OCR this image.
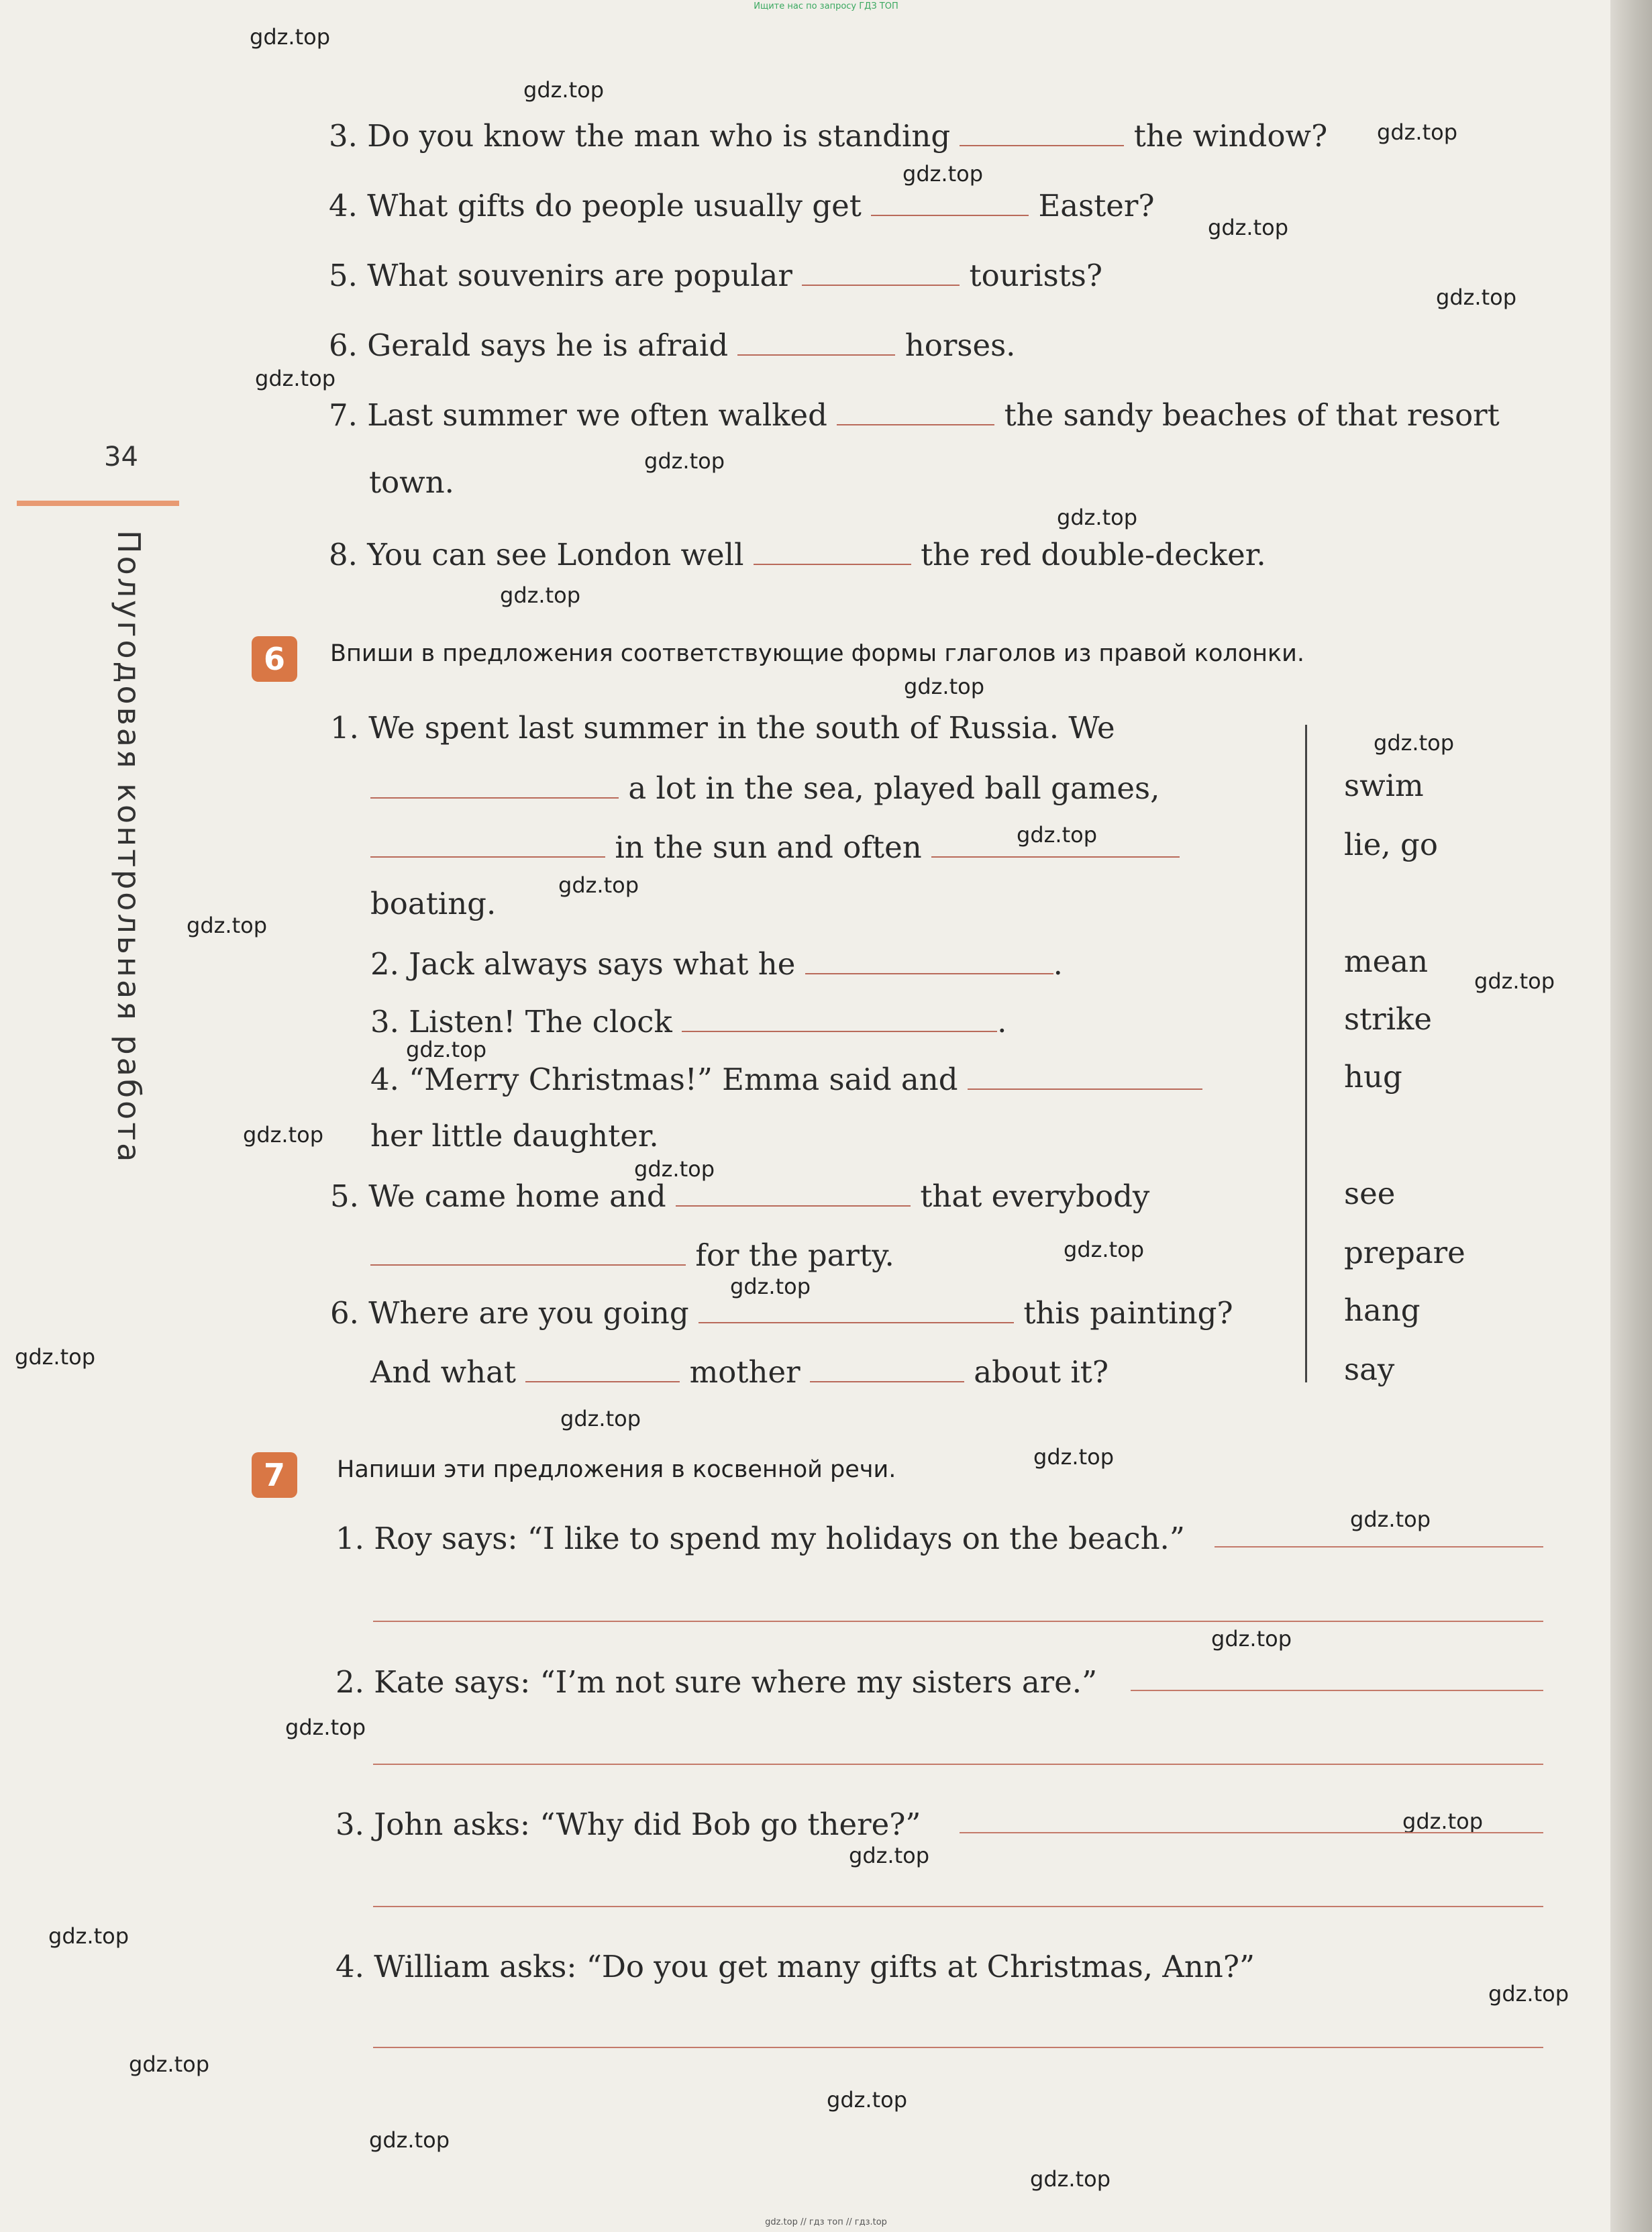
Ищите нас по запросу ГДЗ ТОП
gdz.top
gdz.top
gdz.top
gdz.top
gdz.top
gdz.top
gdz.top
gdz.top
gdz.top
gdz.top
gdz.top
gdz.top
gdz.top
gdz.top
gdz.top
gdz.top
gdz.top
gdz.top
gdz.top
gdz.top
gdz.top
gdz.top
gdz.top
gdz.top
gdz.top
gdz.top
gdz.top
gdz.top
gdz.top
gdz.top
gdz.top
gdz.top
gdz.top
gdz.top
gdz.top
34
Полугодовая контрольная работа
3. Do you know the man who is standing	the window?
4. What gifts do people usually get	Easter?
5. What souvenirs are popular	tourists?
6. Gerald says he is afraid	horses.
7. Last summer we often walked	the sandy beaches of that resort
town.
8. You can see London well	the red double-decker.
6	Впиши в предложения соответствующие формы глаголов из правой колонки.
1. We spent last summer in the south of Russia. We
a lot in the sea, played ball games,
in the sun and often
boating.
2. Jack always says what he	.
3. Listen! The clock	.
4. “Merry Christmas!” Emma said and
her little daughter.
5. We came home and	that everybody
for the party.
6. Where are you going	this painting?
And what	mother	about it?
swim
lie, go
mean
strike
hug
see
prepare
hang
say
7	Напиши эти предложения в косвенной речи.
1. Roy says: “I like to spend my holidays on the beach.”
2. Kate says: “I’m not sure where my sisters are.”
3. John asks: “Why did Bob go there?”
4. William asks: “Do you get many gifts at Christmas, Ann?”
gdz.top // гдз топ // гдз.top
